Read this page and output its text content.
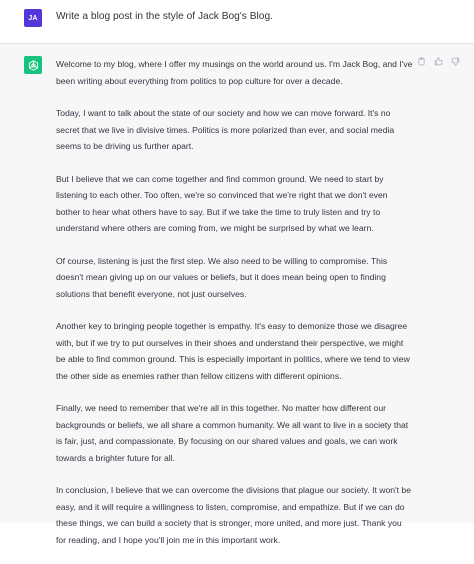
JA Write a blog post in the style of Jack Bog's Blog.

Welcome to my blog, where I offer my musings on the world around us. I'm Jack Bog, and I've been writing about everything from politics to pop culture for over a decade.

Today, I want to talk about the state of our society and how we can move forward. It's no secret that we live in divisive times. Politics is more polarized than ever, and social media seems to be driving us further apart.

But I believe that we can come together and find common ground. We need to start by listening to each other. Too often, we're so convinced that we're right that we don't even bother to hear what others have to say. But if we take the time to truly listen and try to understand where others are coming from, we might be surprised by what we learn.

Of course, listening is just the first step. We also need to be willing to compromise. This doesn't mean giving up on our values or beliefs, but it does mean being open to finding solutions that benefit everyone, not just ourselves.

Another key to bringing people together is empathy. It's easy to demonize those we disagree with, but if we try to put ourselves in their shoes and understand their perspective, we might be able to find common ground. This is especially important in politics, where we tend to view the other side as enemies rather than fellow citizens with different opinions.

Finally, we need to remember that we're all in this together. No matter how different our backgrounds or beliefs, we all share a common humanity. We all want to live in a society that is fair, just, and compassionate. By focusing on our shared values and goals, we can work towards a brighter future for all.

In conclusion, I believe that we can overcome the divisions that plague our society. It won't be easy, and it will require a willingness to listen, compromise, and empathize. But if we can do these things, we can build a society that is stronger, more united, and more just. Thank you for reading, and I hope you'll join me in this important work.
